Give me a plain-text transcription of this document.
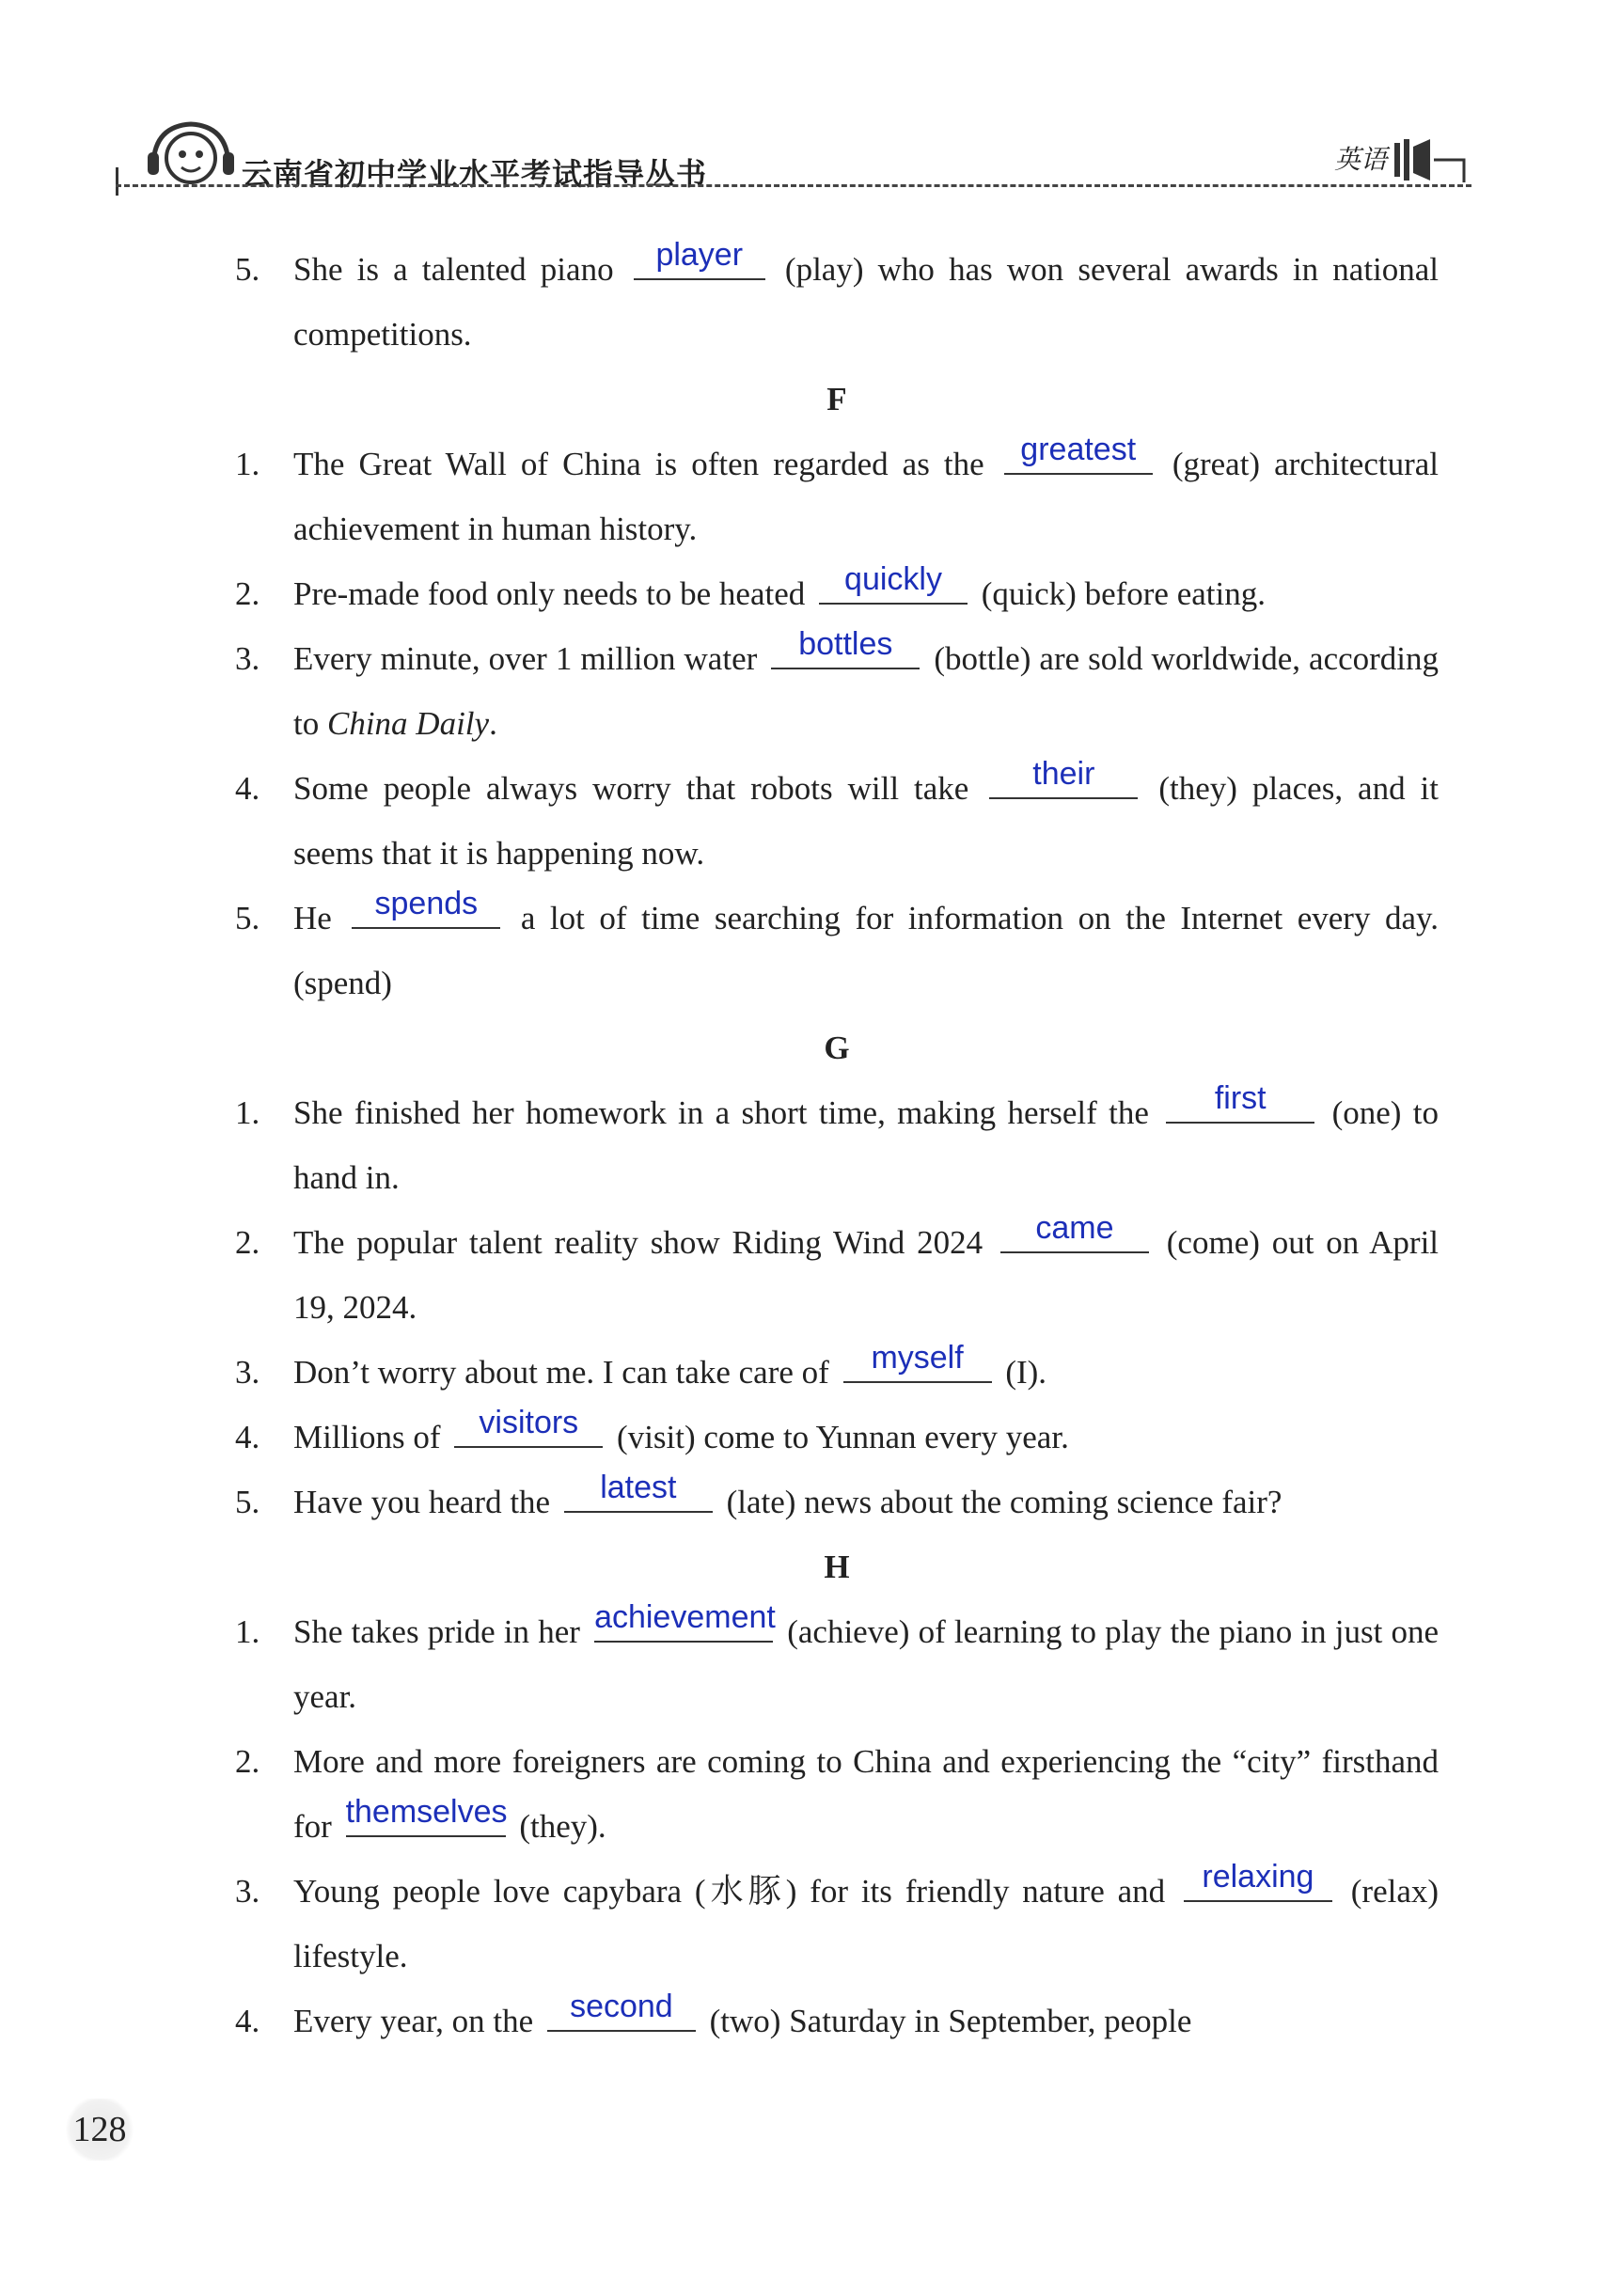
云南省初中学业水平考试指导丛书	英语
5. She is a talented piano	player	(play) who has won several awards in national competitions.
F
1. The Great Wall of China is often regarded as the	greatest	(great) architectural achievement in human history.
2. Pre-made food only needs to be heated	quickly	(quick) before eating.
3. Every minute, over 1 million water	bottles	(bottle) are sold worldwide, according to China Daily.
4. Some people always worry that robots will take	their	(they) places, and it seems that it is happening now.
5. He	spends	a lot of time searching for information on the Internet every day. (spend)
G
1. She finished her homework in a short time, making herself the	first	(one) to hand in.
2. The popular talent reality show Riding Wind 2024	came	(come) out on April 19, 2024.
3. Don’t worry about me. I can take care of	myself	(I).
4. Millions of	visitors	(visit) come to Yunnan every year.
5. Have you heard the	latest	(late) news about the coming science fair?
H
1. She takes pride in her achievement (achieve) of learning to play the piano in just one year.
2. More and more foreigners are coming to China and experiencing the “city” firsthand for themselves (they).
3. Young people love capybara (水豚) for its friendly nature and	relaxing	(relax) lifestyle.
4. Every year, on the	second	(two) Saturday in September, people
128
